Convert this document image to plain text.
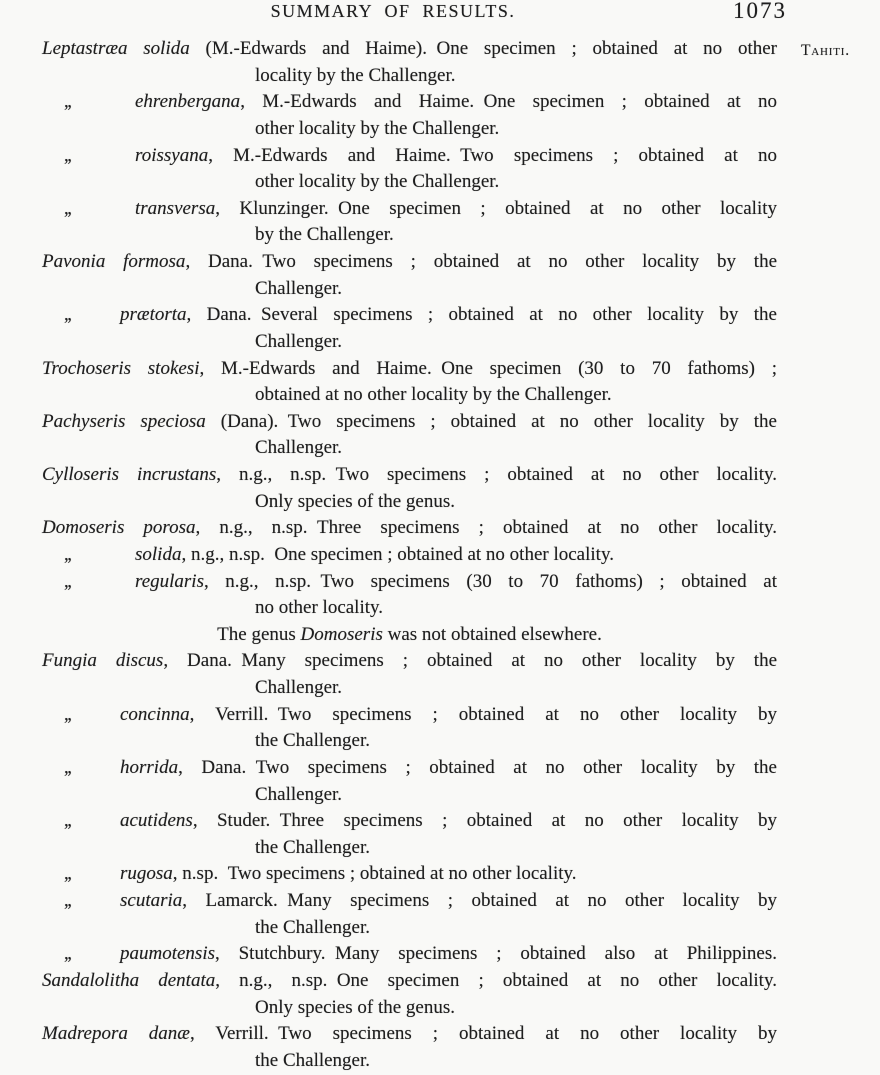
SUMMARY OF RESULTS.	1073
Tahiti.
Leptastræa solida (M.-Edwards and Haime). One specimen ; obtained at no other
locality by the Challenger.
,,	ehrenbergana, M.-Edwards and Haime. One specimen ; obtained at no
other locality by the Challenger.
,,	roissyana, M.-Edwards and Haime. Two specimens ; obtained at no
other locality by the Challenger.
,,	transversa, Klunzinger. One specimen ; obtained at no other locality
by the Challenger.
Pavonia formosa, Dana. Two specimens ; obtained at no other locality by the
Challenger.
,,	prætorta, Dana. Several specimens ; obtained at no other locality by the
Challenger.
Trochoseris stokesi, M.-Edwards and Haime. One specimen (30 to 70 fathoms) ;
obtained at no other locality by the Challenger.
Pachyseris speciosa (Dana). Two specimens ; obtained at no other locality by the
Challenger.
Cylloseris incrustans, n.g., n.sp. Two specimens ; obtained at no other locality.
Only species of the genus.
Domoseris porosa, n.g., n.sp. Three specimens ; obtained at no other locality.
,,	solida, n.g., n.sp. One specimen ; obtained at no other locality.
,,	regularis, n.g., n.sp. Two specimens (30 to 70 fathoms) ; obtained at
no other locality.
The genus Domoseris was not obtained elsewhere.
Fungia discus, Dana. Many specimens ; obtained at no other locality by the
Challenger.
,,	concinna, Verrill. Two specimens ; obtained at no other locality by
the Challenger.
,,	horrida, Dana. Two specimens ; obtained at no other locality by the
Challenger.
,,	acutidens, Studer. Three specimens ; obtained at no other locality by
the Challenger.
,,	rugosa, n.sp. Two specimens ; obtained at no other locality.
,,	scutaria, Lamarck. Many specimens ; obtained at no other locality by
the Challenger.
,,	paumotensis, Stutchbury. Many specimens ; obtained also at Philippines.
Sandalolitha dentata, n.g., n.sp. One specimen ; obtained at no other locality.
Only species of the genus.
Madrepora danæ, Verrill. Two specimens ; obtained at no other locality by
the Challenger.
